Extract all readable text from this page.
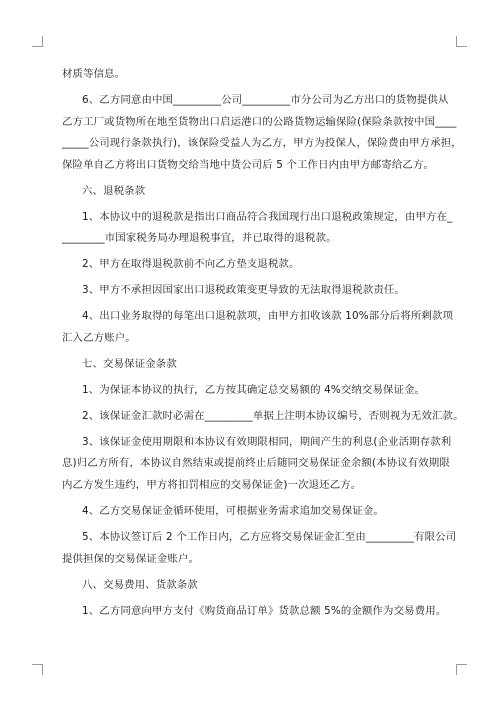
材质等信息。
6、乙方同意由中国_________公司_________市分公司为乙方出口的货物提供从
乙方工厂或货物所在地至货物出口启运港口的公路货物运输保险(保险条款按中国____
_____公司现行条款执行)，该保险受益人为乙方，甲方为投保人，保险费由甲方承担，
保险单自乙方将出口货物交给当地中货公司后 5 个工作日内由甲方邮寄给乙方。
六、退税条款
1、本协议中的退税款是指出口商品符合我国现行出口退税政策规定，由甲方在_
________市国家税务局办理退税事宜，并已取得的退税款。
2、甲方在取得退税款前不向乙方垫支退税款。
3、甲方不承担因国家出口退税政策变更导致的无法取得退税款责任。
4、出口业务取得的每笔出口退税款项，由甲方扣收该款 10%部分后将所剩款项
汇入乙方账户。
七、交易保证金条款
1、为保证本协议的执行，乙方按其确定总交易额的 4%交纳交易保证金。
2、该保证金汇款时必需在_________单据上注明本协议编号，否则视为无效汇款。
3、该保证金使用期限和本协议有效期限相同，期间产生的利息(企业活期存款利
息)归乙方所有，本协议自然结束或提前终止后随同交易保证金余额(本协议有效期限
内乙方发生违约，甲方将扣罚相应的交易保证金)一次退还乙方。
4、乙方交易保证金循环使用，可根据业务需求追加交易保证金。
5、本协议签订后 2 个工作日内，乙方应将交易保证金汇至由_________有限公司
提供担保的交易保证金账户。
八、交易费用、货款条款
1、乙方同意向甲方支付《购货商品订单》货款总额 5%的金额作为交易费用。
